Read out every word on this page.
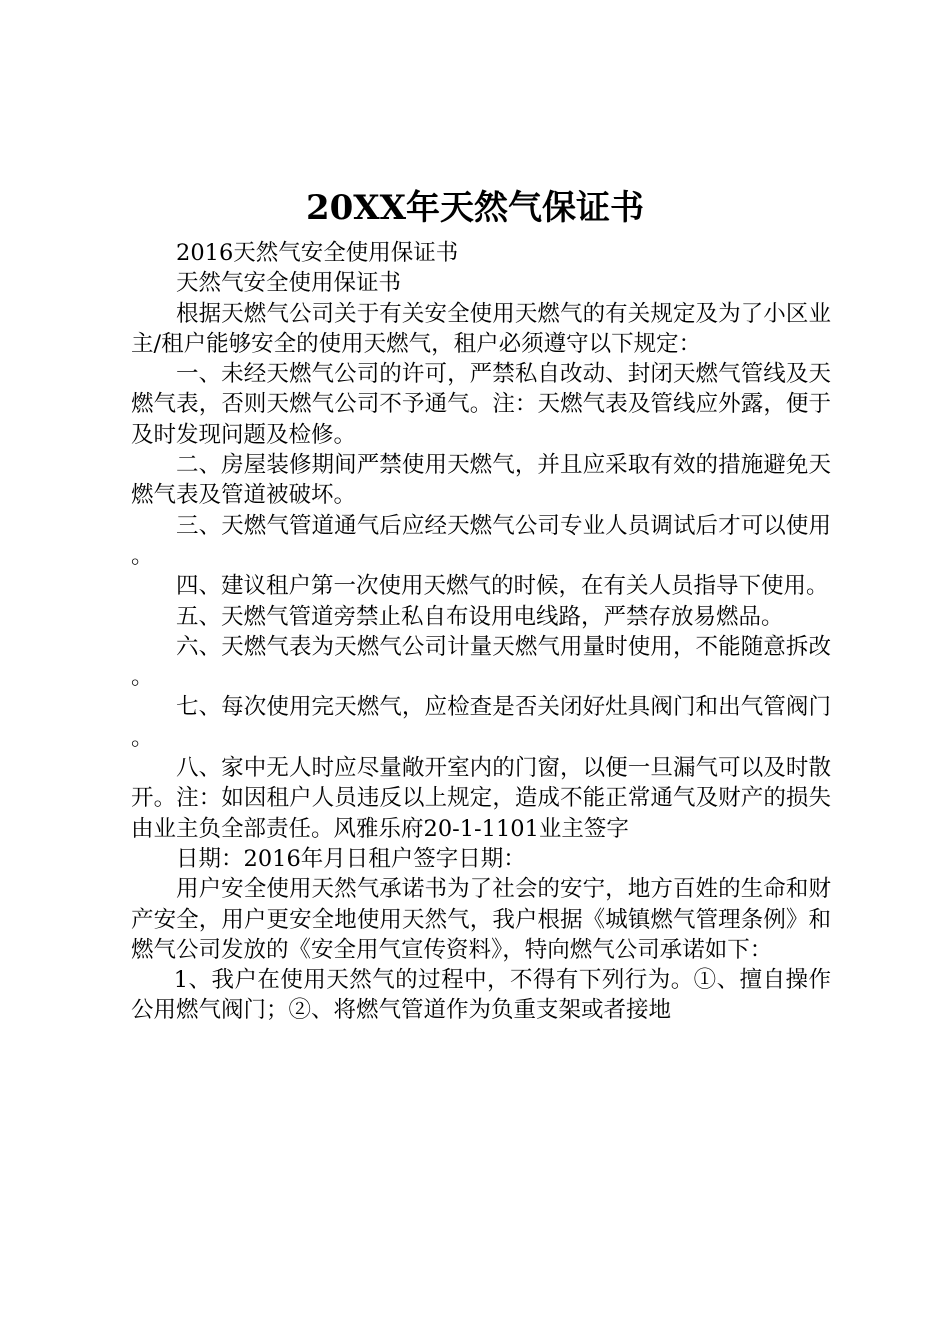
20XX年天然气保证书

2016天然气安全使用保证书

天然气安全使用保证书

根据天燃气公司关于有关安全使用天燃气的有关规定及为了小区业主/租户能够安全的使用天燃气，租户必须遵守以下规定：

一、未经天燃气公司的许可，严禁私自改动、封闭天燃气管线及天燃气表，否则天燃气公司不予通气。注：天燃气表及管线应外露，便于及时发现问题及检修。

二、房屋装修期间严禁使用天燃气，并且应采取有效的措施避免天燃气表及管道被破坏。

三、天燃气管道通气后应经天燃气公司专业人员调试后才可以使用。

四、建议租户第一次使用天燃气的时候，在有关人员指导下使用。

五、天燃气管道旁禁止私自布设用电线路，严禁存放易燃品。

六、天燃气表为天燃气公司计量天燃气用量时使用，不能随意拆改。

七、每次使用完天燃气，应检查是否关闭好灶具阀门和出气管阀门。

八、家中无人时应尽量敞开室内的门窗，以便一旦漏气可以及时散开。注：如因租户人员违反以上规定，造成不能正常通气及财产的损失由业主负全部责任。风雅乐府20-1-1101业主签字

日期：2016年月日租户签字日期：

用户安全使用天然气承诺书为了社会的安宁，地方百姓的生命和财产安全，用户更安全地使用天然气，我户根据《城镇燃气管理条例》和燃气公司发放的《安全用气宣传资料》，特向燃气公司承诺如下：

1、我户在使用天然气的过程中，不得有下列行为。①、擅自操作公用燃气阀门；②、将燃气管道作为负重支架或者接地
